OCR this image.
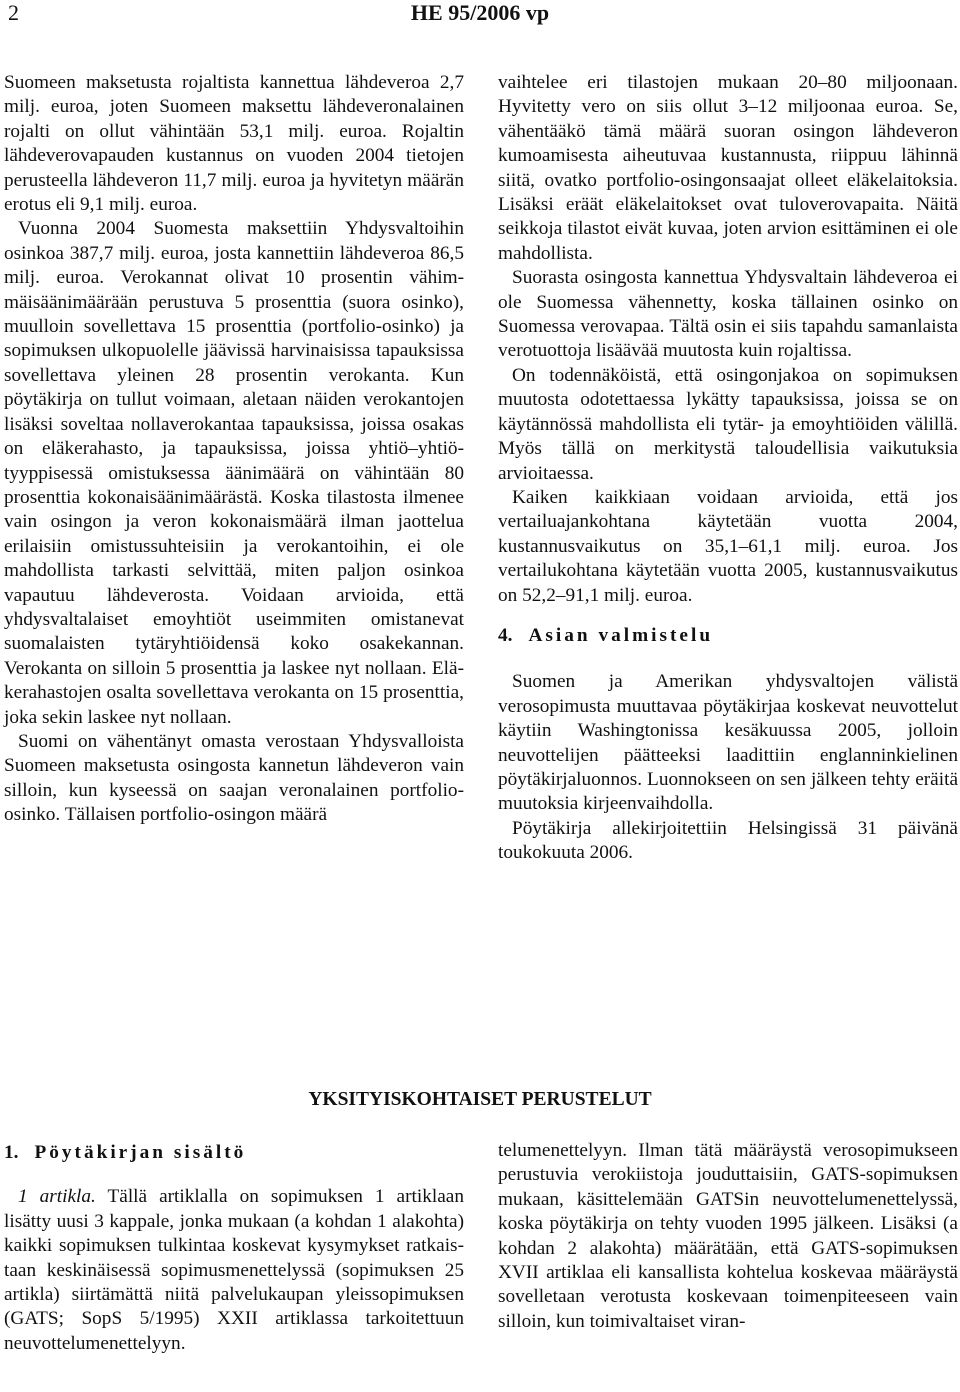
2	HE 95/2006 vp

Suomeen maksetusta rojaltista kannettua lähdeveroa 2,7 milj. euroa, joten Suomeen maksettu lähdeveronalainen rojalti on ollut vähintään 53,1 milj. euroa. Rojaltin lähdeverovapauden kustannus on vuoden 2004 tietojen perusteella lähdeveron 11,7 milj. euroa ja hyvitetyn määrän erotus eli 9,1 milj. euroa.

Vuonna 2004 Suomesta maksettiin Yhdysvaltoihin osinkoa 387,7 milj. euroa, josta kannettiin lähdeveroa 86,5 milj. euroa. Verokannat olivat 10 prosentin vähimmäisäänimäärään perustuva 5 prosenttia (suora osinko), muulloin sovellettava 15 prosenttia (portfolio-osinko) ja sopimuksen ulkopuolelle jäävissä harvinaisissa tapauksissa sovellettava yleinen 28 prosentin verokanta. Kun pöytäkirja on tullut voimaan, aletaan näiden verokantojen lisäksi soveltaa nollaverokantaa tapauksissa, joissa osakas on eläkerahasto, ja tapauksissa, joissa yhtiö–yhtiötyyppisessä omistuksessa äänimäärä on vähintään 80 prosenttia kokonaisäänimäärästä. Koska tilastosta ilmenee vain osingon ja veron kokonaismäärä ilman jaottelua erilaisiin omistussuhteisiin ja verokantoihin, ei ole mahdollista tarkasti selvittää, miten paljon osinkoa vapautuu lähdeverosta. Voidaan arvioida, että yhdysvaltalaiset emoyhtiöt useimmiten omistanevat suomalaisten tytäryhtiöidensä koko osakekannan. Verokanta on silloin 5 prosenttia ja laskee nyt nollaan. Eläkerahastojen osalta sovellettava verokanta on 15 prosenttia, joka sekin laskee nyt nollaan.

Suomi on vähentänyt omasta verostaan Yhdysvalloista Suomeen maksetusta osingosta kannetun lähdeveron vain silloin, kun kyseessä on saajan veronalainen portfolioosinko. Tällaisen portfolio-osingon määrä

vaihtelee eri tilastojen mukaan 20–80 miljoonaan. Hyvitetty vero on siis ollut 3–12 miljoonaa euroa. Se, vähentääkö tämä määrä suoran osingon lähdeveron kumoamisesta aiheutuvaa kustannusta, riippuu lähinnä siitä, ovatko portfolio-osingonsaajat olleet eläkelaitoksia. Lisäksi eräät eläkelaitokset ovat tuloverovapaita. Näitä seikkoja tilastot eivät kuvaa, joten arvion esittäminen ei ole mahdollista.

Suorasta osingosta kannettua Yhdysvaltain lähdeveroa ei ole Suomessa vähennetty, koska tällainen osinko on Suomessa verovapaa. Tältä osin ei siis tapahdu samanlaista verotuottoja lisäävää muutosta kuin rojaltissa.

On todennäköistä, että osingonjakoa on sopimuksen muutosta odotettaessa lykätty tapauksissa, joissa se on käytännössä mahdollista eli tytär- ja emoyhtiöiden välillä. Myös tällä on merkitystä taloudellisia vaikutuksia arvioitaessa.

Kaiken kaikkiaan voidaan arvioida, että jos vertailuajankohtana käytetään vuotta 2004, kustannusvaikutus on 35,1–61,1 milj. euroa. Jos vertailukohtana käytetään vuotta 2005, kustannusvaikutus on 52,2–91,1 milj. euroa.

4. Asian valmistelu

Suomen ja Amerikan yhdysvaltojen välistä verosopimusta muuttavaa pöytäkirjaa koskevat neuvottelut käytiin Washingtonissa kesäkuussa 2005, jolloin neuvottelijen päätteeksi laadittiin englanninkielinen pöytäkirjaluonnos. Luonnokseen on sen jälkeen tehty eräitä muutoksia kirjeenvaihdolla.

Pöytäkirja allekirjoitettiin Helsingissä 31 päivänä toukokuuta 2006.

YKSITYISKOHTAISET PERUSTELUT

1. Pöytäkirjan sisältö

1 artikla. Tällä artiklalla on sopimuksen 1 artiklaan lisätty uusi 3 kappale, jonka mukaan (a kohdan 1 alakohta) kaikki sopimuksen tulkintaa koskevat kysymykset ratkaistaan keskinäisessä sopimusmenettelyssä (sopimuksen 25 artikla) siirtämättä niitä palvelukaupan yleissopimuksen (GATS; SopS 5/1995) XXII artiklassa tarkoitettuun neuvottelumenettelyyn.

telumenettelyyn. Ilman tätä määräystä verosopimukseen perustuvia verokiistoja jouduttaisiin, GATS-sopimuksen mukaan, käsittelemään GATSin neuvottelumenettelyssä, koska pöytäkirja on tehty vuoden 1995 jälkeen. Lisäksi (a kohdan 2 alakohta) määrätään, että GATS-sopimuksen XVII artiklaa eli kansallista kohtelua koskevaa määräystä sovelletaan verotusta koskevaan toimenpiteeseen vain silloin, kun toimivaltaiset viran-
